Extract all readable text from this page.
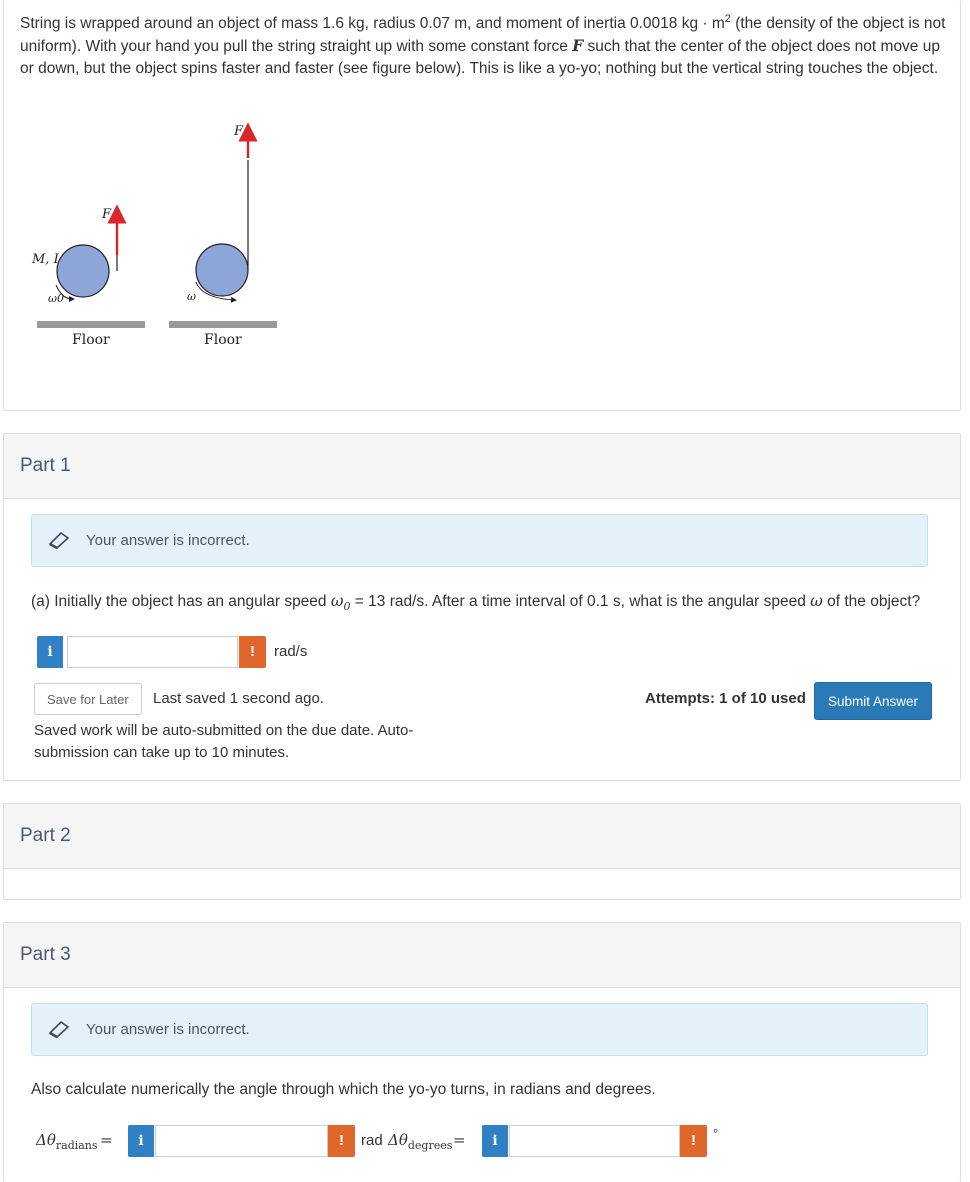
String is wrapped around an object of mass 1.6 kg, radius 0.07 m, and moment of inertia 0.0018 kg · $m^2$ (the density of the object is not uniform). With your hand you pull the string straight up with some constant force F such that the center of the object does not move up or down, but the object spins faster and faster (see figure below). This is like a yo-yo; nothing but the vertical string touches the object.
F
M, I
ω0
Floor
F
ω
Floor
Part 1
Your answer is incorrect.
(a) Initially the object has an angular speed $\omega_0 = 13$ rad/s. After a time interval of 0.1 s, what is the angular speed ω of the object?
i	!	rad/s
Save for Later	Last saved 1 second ago.	Attempts: 1 of 10 used	Submit Answer
Saved work will be auto-submitted on the due date. Auto-submission can take up to 10 minutes.
Part 2
Part 3
Your answer is incorrect.
Also calculate numerically the angle through which the yo-yo turns, in radians and degrees.
$\Delta\theta_{radians}$ =	i	!	rad $\Delta\theta_{degrees}$ =	i	!	°
